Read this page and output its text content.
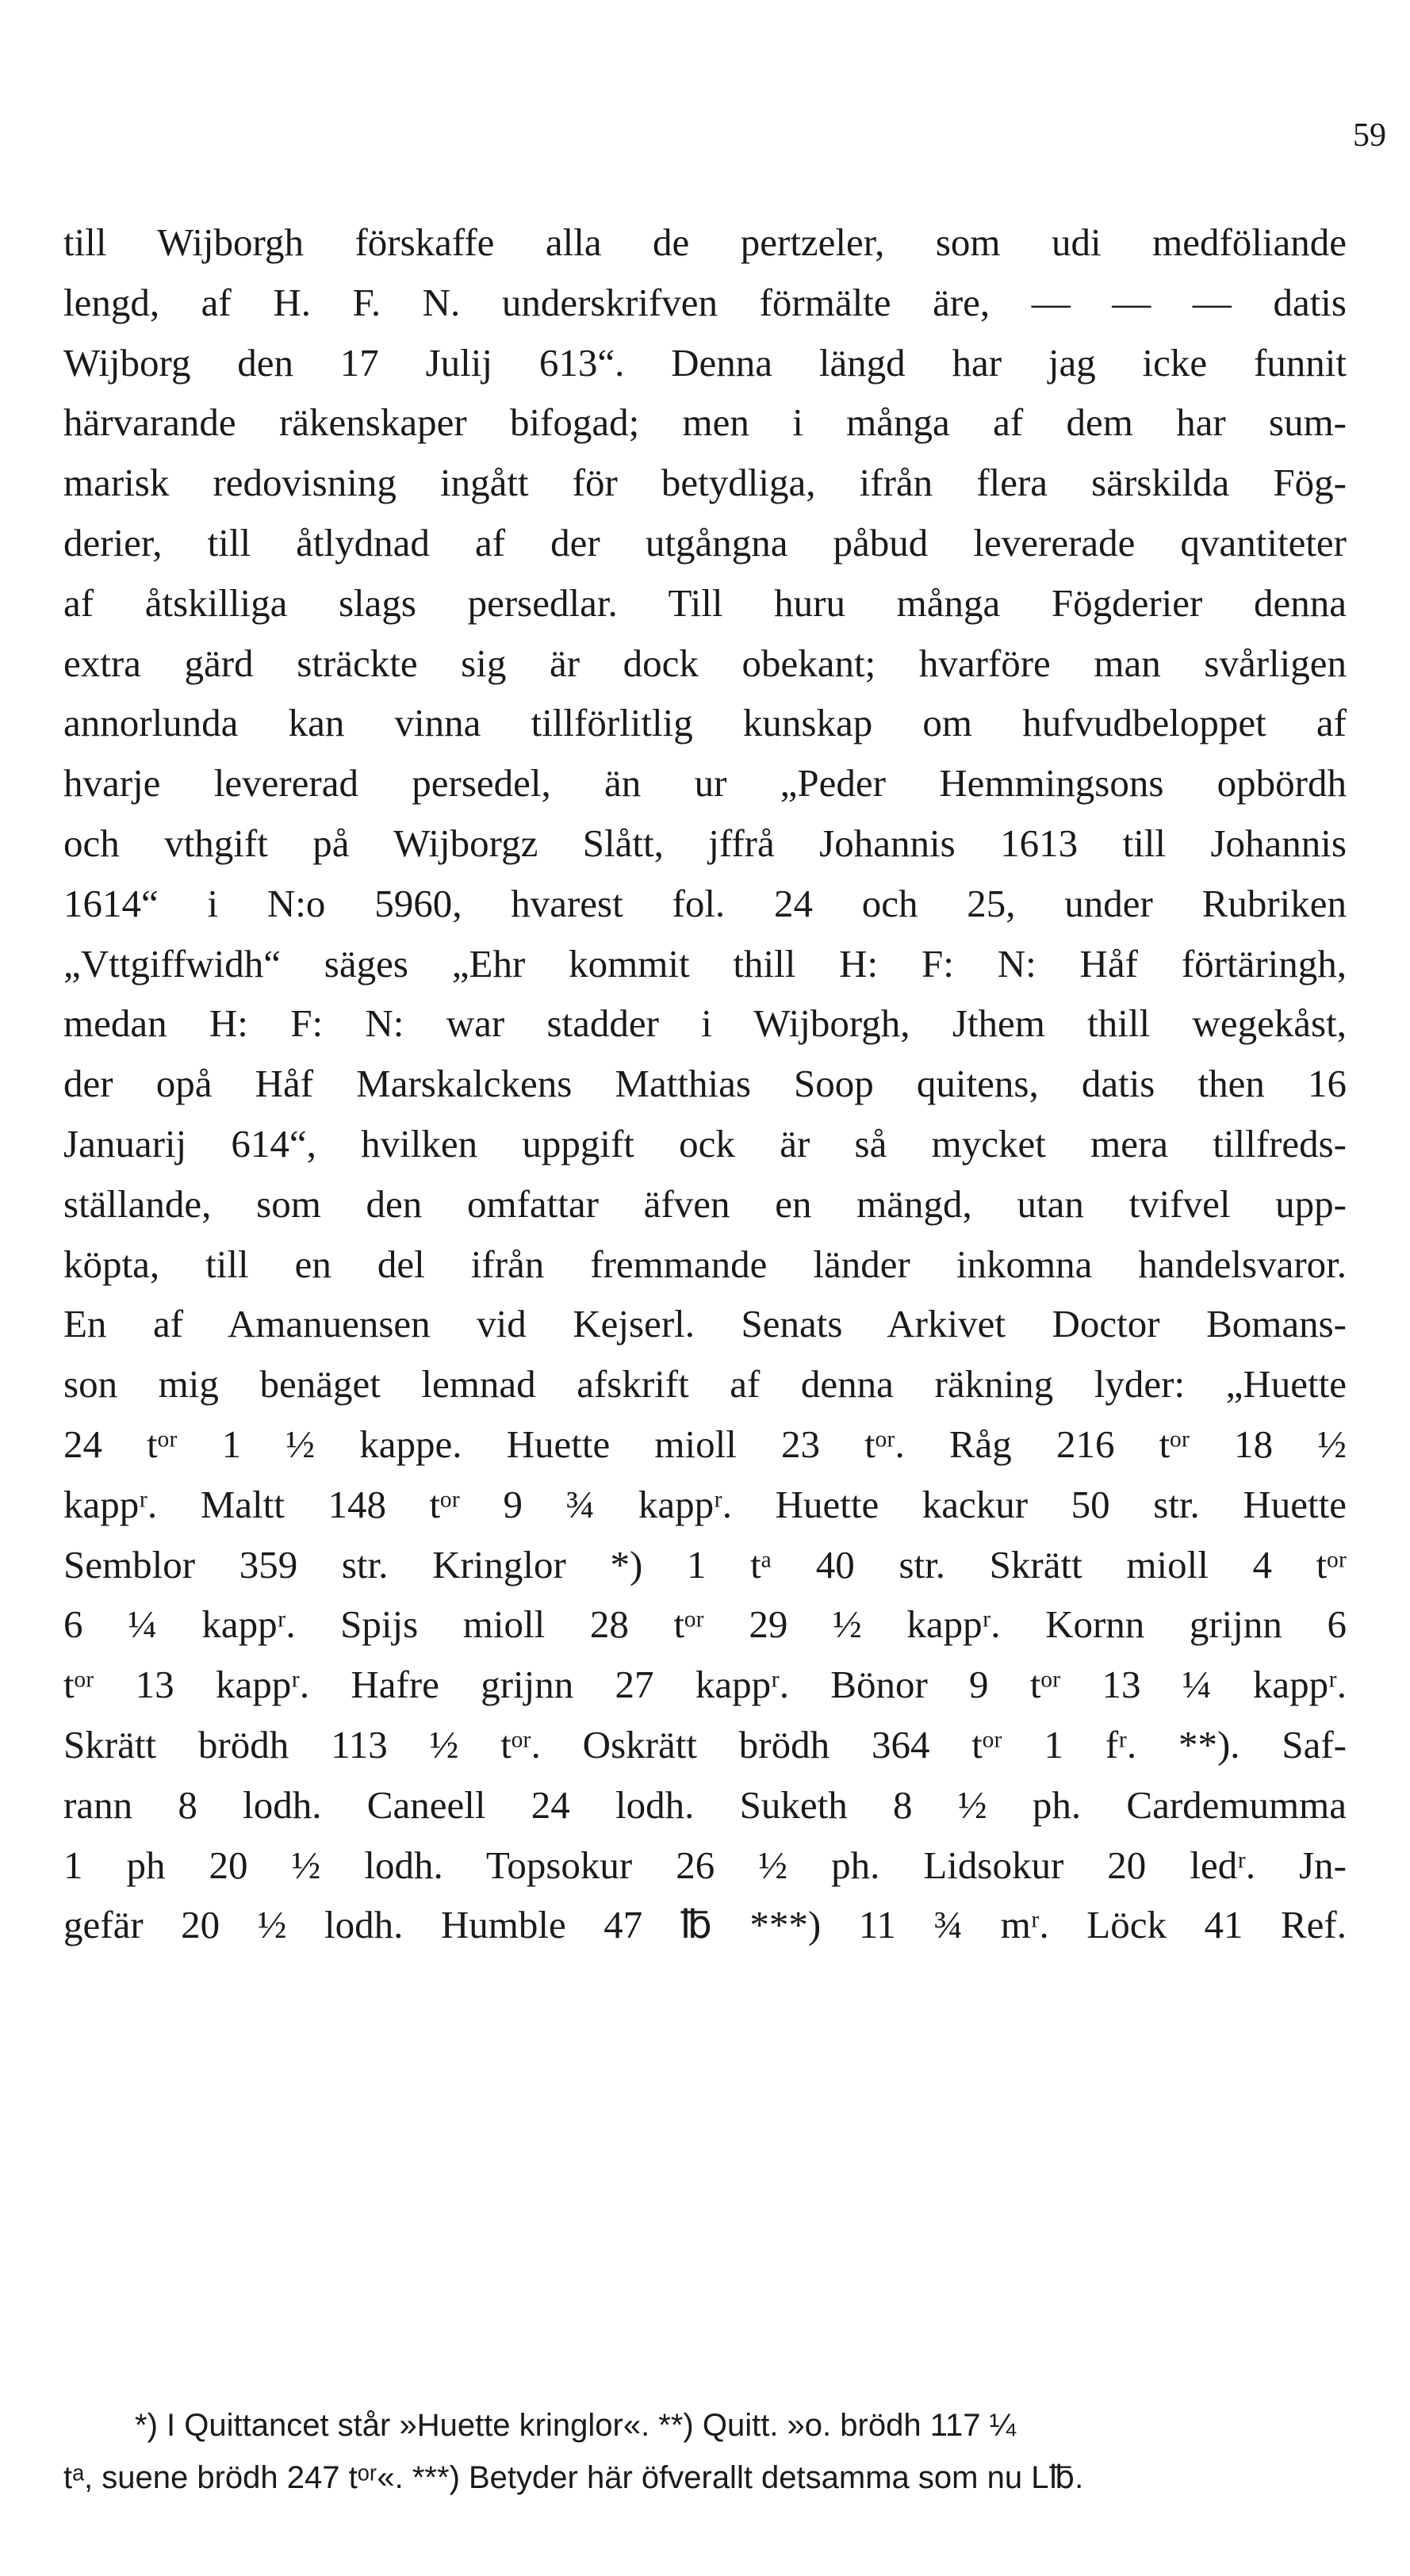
59
till Wijborgh förskaffe alla de pertzeler, som udi medföliande
lengd, af H. F. N. underskrifven förmälte äre, — — — datis
Wijborg den 17 Julij 613“. Denna längd har jag icke funnit
härvarande räkenskaper bifogad; men i många af dem har sum-
marisk redovisning ingått för betydliga, ifrån flera särskilda Fög-
derier, till åtlydnad af der utgångna påbud levererade qvantiteter
af åtskilliga slags persedlar. Till huru många Fögderier denna
extra gärd sträckte sig är dock obekant; hvarföre man svårligen
annorlunda kan vinna tillförlitlig kunskap om hufvudbeloppet af
hvarje levererad persedel, än ur „Peder Hemmingsons opbördh
och vthgift på Wijborgz Slått, jffrå Johannis 1613 till Johannis
1614“ i N:o 5960, hvarest fol. 24 och 25, under Rubriken
„Vttgiffwidh“ säges „Ehr kommit thill H: F: N: Håf förtäringh,
medan H: F: N: war stadder i Wijborgh, Jthem thill wegekåst,
der opå Håf Marskalckens Matthias Soop quitens, datis then 16
Januarij 614“, hvilken uppgift ock är så mycket mera tillfreds-
ställande, som den omfattar äfven en mängd, utan tvifvel upp-
köpta, till en del ifrån fremmande länder inkomna handelsvaror.
En af Amanuensen vid Kejserl. Senats Arkivet Doctor Bomans-
son mig benäget lemnad afskrift af denna räkning lyder: „Huette
24 tᵒʳ 1 ½ kappe. Huette mioll 23 tᵒʳ. Råg 216 tᵒʳ 18 ½
kappʳ. Maltt 148 tᵒʳ 9 ¾ kappʳ. Huette kackur 50 str. Huette
Semblor 359 str. Kringlor *) 1 tᵃ 40 str. Skrätt mioll 4 tᵒʳ
6 ¼ kappʳ. Spijs mioll 28 tᵒʳ 29 ½ kappʳ. Kornn grijnn 6
tᵒʳ 13 kappʳ. Hafre grijnn 27 kappʳ. Bönor 9 tᵒʳ 13 ¼ kappʳ.
Skrätt brödh 113 ½ tᵒʳ. Oskrätt brödh 364 tᵒʳ 1 fʳ. **). Saf-
rann 8 lodh. Caneell 24 lodh. Suketh 8 ½ ph. Cardemumma
1 ph 20 ½ lodh. Topsokur 26 ½ ph. Lidsokur 20 ledʳ. Jn-
gefär 20 ½ lodh. Humble 47 ℔ ***) 11 ¾ mʳ. Löck 41 Ref.
*) I Quittancet står »Huette kringlor«. **) Quitt. »o. brödh 117 ¼
tᵃ, suene brödh 247 tᵒʳ«. ***) Betyder här öfverallt detsamma som nu L℔.
